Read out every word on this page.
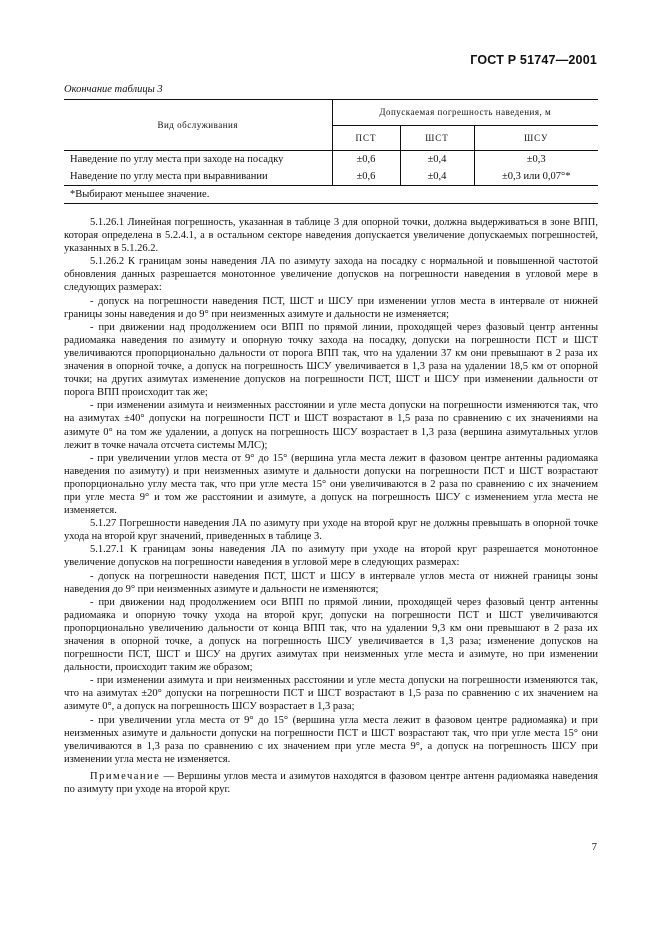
ГОСТ Р 51747—2001
Окончание таблицы 3
Вид обслуживания	Допускаемая погрешность наведения, м		
	ПСТ	ШСТ	ШСУ
Наведение по углу места при заходе на посадку	±0,6	±0,4	±0,3
Наведение по углу места при выравнивании	±0,6	±0,4	±0,3 или 0,07°*
*Выбирают меньшее значение.			

5.1.26.1 Линейная погрешность, указанная в таблице 3 для опорной точки, должна выдерживаться в зоне ВПП, которая определена в 5.2.4.1, а в остальном секторе наведения допускается увеличение допускаемых погрешностей, указанных в 5.1.26.2.

5.1.26.2 К границам зоны наведения ЛА по азимуту захода на посадку с нормальной и повышенной частотой обновления данных разрешается монотонное увеличение допусков на погрешности наведения в угловой мере в следующих размерах:

- допуск на погрешности наведения ПСТ, ШСТ и ШСУ при изменении углов места в интервале от нижней границы зоны наведения и до 9° при неизменных азимуте и дальности не изменяется;

- при движении над продолжением оси ВПП по прямой линии, проходящей через фазовый центр антенны радиомаяка наведения по азимуту и опорную точку захода на посадку, допуски на погрешности ПСТ и ШСТ увеличиваются пропорционально дальности от порога ВПП так, что на удалении 37 км они превышают в 2 раза их значения в опорной точке, а допуск на погрешность ШСУ увеличивается в 1,3 раза на удалении 18,5 км от опорной точки; на других азимутах изменение допусков на погрешности ПСТ, ШСТ и ШСУ при изменении дальности от порога ВПП происходит так же;

- при изменении азимута и неизменных расстоянии и угле места допуски на погрешности изменяются так, что на азимутах ±40° допуски на погрешности ПСТ и ШСТ возрастают в 1,5 раза по сравнению с их значениями на азимуте 0° на том же удалении, а допуск на погрешность ШСУ возрастает в 1,3 раза (вершина азимутальных углов лежит в точке начала отсчета системы МЛС);

- при увеличении углов места от 9° до 15° (вершина угла места лежит в фазовом центре антенны радиомаяка наведения по азимуту) и при неизменных азимуте и дальности допуски на погрешности ПСТ и ШСТ возрастают пропорционально углу места так, что при угле места 15° они увеличиваются в 2 раза по сравнению с их значением при угле места 9° и том же расстоянии и азимуте, а допуск на погрешность ШСУ с изменением угла места не изменяется.

5.1.27 Погрешности наведения ЛА по азимуту при уходе на второй круг не должны превышать в опорной точке ухода на второй круг значений, приведенных в таблице 3.

5.1.27.1 К границам зоны наведения ЛА по азимуту при уходе на второй круг разрешается монотонное увеличение допусков на погрешности наведения в угловой мере в следующих размерах:

- допуск на погрешности наведения ПСТ, ШСТ и ШСУ в интервале углов места от нижней границы зоны наведения до 9° при неизменных азимуте и дальности не изменяются;

- при движении над продолжением оси ВПП по прямой линии, проходящей через фазовый центр антенны радиомаяка и опорную точку ухода на второй круг, допуски на погрешности ПСТ и ШСТ увеличиваются пропорционально увеличению дальности от конца ВПП так, что на удалении 9,3 км они превышают в 2 раза их значения в опорной точке, а допуск на погрешность ШСУ увеличивается в 1,3 раза; изменение допусков на погрешности ПСТ, ШСТ и ШСУ на других азимутах при неизменных угле места и азимуте, но при изменении дальности, происходит таким же образом;

- при изменении азимута и при неизменных расстоянии и угле места допуски на погрешности изменяются так, что на азимутах ±20° допуски на погрешности ПСТ и ШСТ возрастают в 1,5 раза по сравнению с их значением на азимуте 0°, а допуск на погрешность ШСУ возрастает в 1,3 раза;

- при увеличении угла места от 9° до 15° (вершина угла места лежит в фазовом центре радиомаяка) и при неизменных азимуте и дальности допуски на погрешности ПСТ и ШСТ возрастают так, что при угле места 15° они увеличиваются в 1,3 раза по сравнению с их значением при угле места 9°, а допуск на погрешность ШСУ при изменении угла места не изменяется.

Примечание — Вершины углов места и азимутов находятся в фазовом центре антенн радиомаяка наведения по азимуту при уходе на второй круг.

7
